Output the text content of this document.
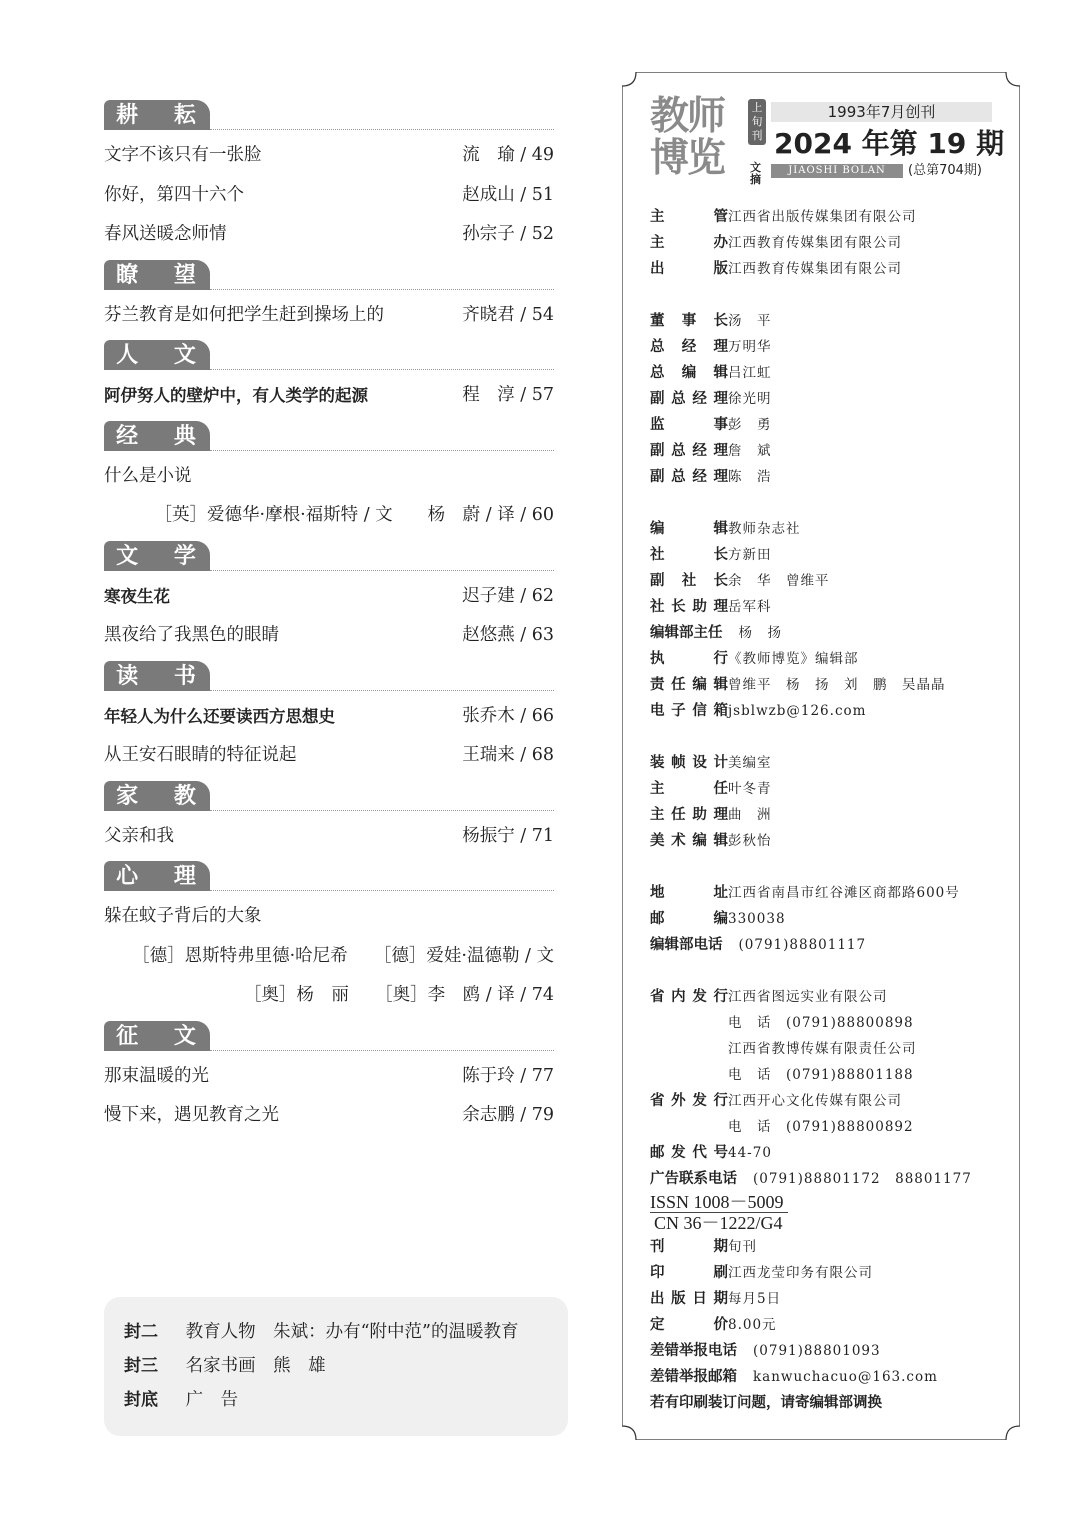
耕 耘
文字不该只有一张脸	流　瑜 / 49
你好，第四十六个	赵成山 / 51
春风送暖念师情	孙宗子 / 52
瞭 望
芬兰教育是如何把学生赶到操场上的	齐晓君 / 54
人 文
阿伊努人的壁炉中，有人类学的起源	程　淳 / 57
经 典
什么是小说
［英］爱德华·摩根·福斯特 / 文　　杨　蔚 / 译 / 60
文 学
寒夜生花	迟子建 / 62
黑夜给了我黑色的眼睛	赵悠燕 / 63
读 书
年轻人为什么还要读西方思想史	张乔木 / 66
从王安石眼睛的特征说起	王瑞来 / 68
家 教
父亲和我	杨振宁 / 71
心 理
躲在蚊子背后的大象
［德］恩斯特弗里德·哈尼希　　［德］爱娃·温德勒 / 文
［奥］杨　丽　　［奥］李　鸥 / 译 / 74
征 文
那束温暖的光	陈于玲 / 77
慢下来，遇见教育之光	余志鹏 / 79
封二 教育人物　朱斌：办有“附中范”的温暖教育
封三 名家书画　熊　雄
封底 广　告
教师
博览
上
旬
刊
文
摘
1993年7月创刊
2024 年第 19 期
JIAOSHI BOLAN	(总第704期)
主　　管江西省出版传媒集团有限公司
主　　办江西教育传媒集团有限公司
出　　版江西教育传媒集团有限公司
董事长汤　平
总经理万明华
总编辑吕江虹
副总经理徐光明
监　　事彭　勇
副总经理詹　斌
副总经理陈　浩
编　　辑教师杂志社
社　　长方新田
副社长余　华　曾维平
社长助理岳军科
编辑部主任 杨　扬
执　　行《教师博览》编辑部
责任编辑曾维平　杨　扬　刘　鹏　吴晶晶
电子信箱jsblwzb@126.com
装帧设计美编室
主　　任叶冬青
主任助理曲　洲
美术编辑彭秋怡
地　　址江西省南昌市红谷滩区商都路600号
邮　　编330038
编辑部电话 (0791)88801117
省内发行江西省图远实业有限公司
电　话　(0791)88800898
江西省教博传媒有限责任公司
电　话　(0791)88801188
省外发行江西开心文化传媒有限公司
电　话　(0791)88800892
邮发代号44-70
广告联系电话 (0791)88801172　88801177
ISSN 1008－5009
CN 36－1222/G4
刊　　期旬刊
印　　刷江西龙莹印务有限公司
出版日期每月5日
定　　价8.00元
差错举报电话 (0791)88801093
差错举报邮箱 kanwuchacuo@163.com
若有印刷装订问题，请寄编辑部调换
